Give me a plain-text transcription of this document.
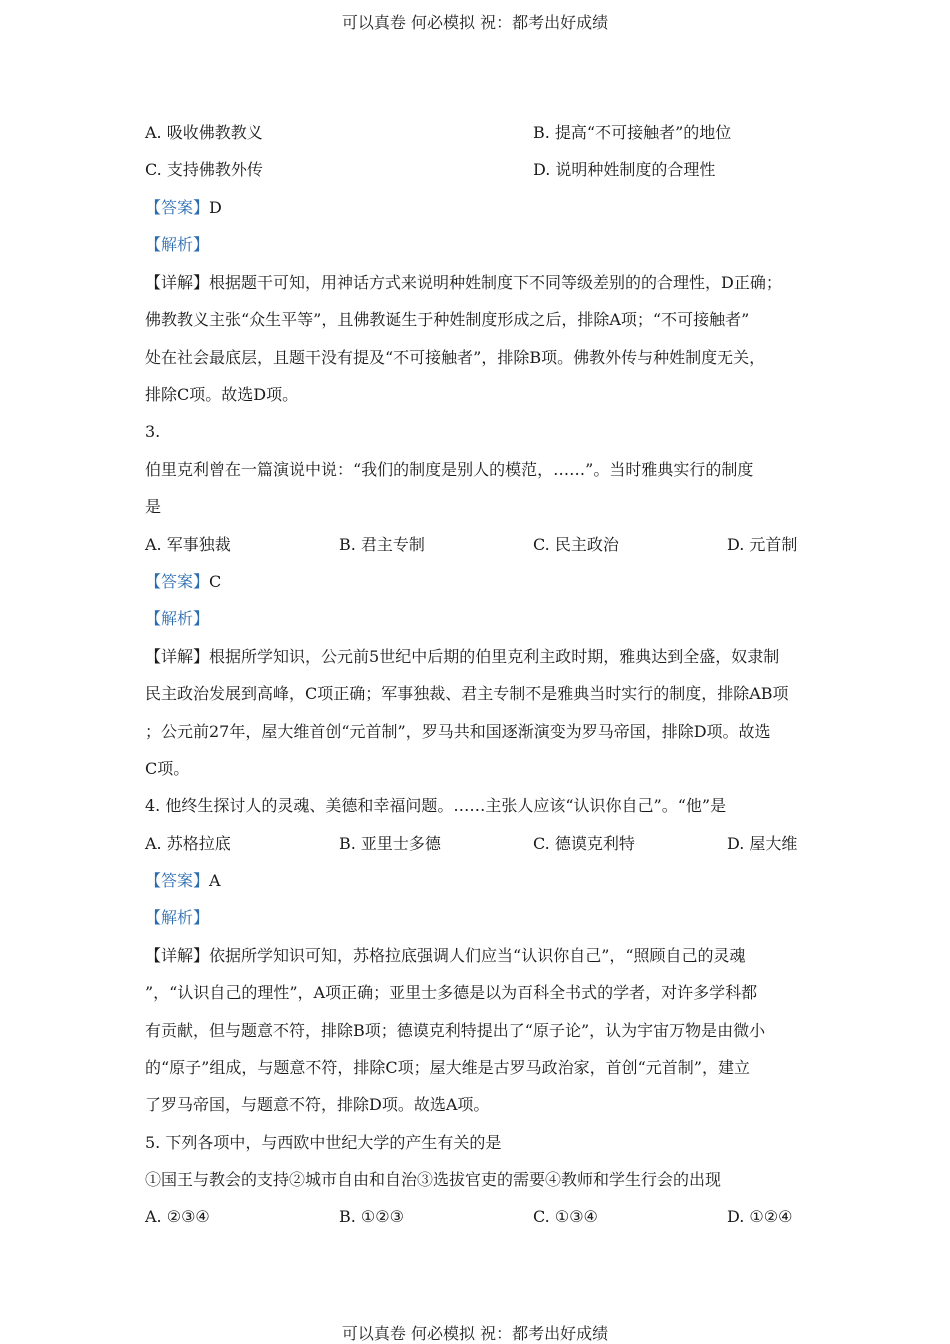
可以真卷 何必模拟 祝：都考出好成绩
A. 吸收佛教教义	B. 提高“不可接触者”的地位
C. 支持佛教外传	D. 说明种姓制度的合理性
【答案】D
【解析】
【详解】根据题干可知，用神话方式来说明种姓制度下不同等级差别的的合理性，D正确；
佛教教义主张“众生平等”，且佛教诞生于种姓制度形成之后，排除A项；“不可接触者”
处在社会最底层，且题干没有提及“不可接触者”，排除B项。佛教外传与种姓制度无关，
排除C项。故选D项。
3.
伯里克利曾在一篇演说中说：“我们的制度是别人的模范，……”。当时雅典实行的制度
是
A. 军事独裁	B. 君主专制	C. 民主政治	D. 元首制
【答案】C
【解析】
【详解】根据所学知识，公元前5世纪中后期的伯里克利主政时期，雅典达到全盛，奴隶制
民主政治发展到高峰，C项正确；军事独裁、君主专制不是雅典当时实行的制度，排除AB项
；公元前27年，屋大维首创“元首制”，罗马共和国逐渐演变为罗马帝国，排除D项。故选
C项。
4. 他终生探讨人的灵魂、美德和幸福问题。……主张人应该“认识你自己”。“他”是
A. 苏格拉底	B. 亚里士多德	C. 德谟克利特	D. 屋大维
【答案】A
【解析】
【详解】依据所学知识可知，苏格拉底强调人们应当“认识你自己”，“照顾自己的灵魂
”，“认识自己的理性”，A项正确；亚里士多德是以为百科全书式的学者，对许多学科都
有贡献，但与题意不符，排除B项；德谟克利特提出了“原子论”，认为宇宙万物是由微小
的“原子”组成，与题意不符，排除C项；屋大维是古罗马政治家，首创“元首制”，建立
了罗马帝国，与题意不符，排除D项。故选A项。
5. 下列各项中，与西欧中世纪大学的产生有关的是
①国王与教会的支持②城市自由和自治③选拔官吏的需要④教师和学生行会的出现
A. ②③④	B. ①②③	C. ①③④	D. ①②④
可以真卷 何必模拟 祝：都考出好成绩
